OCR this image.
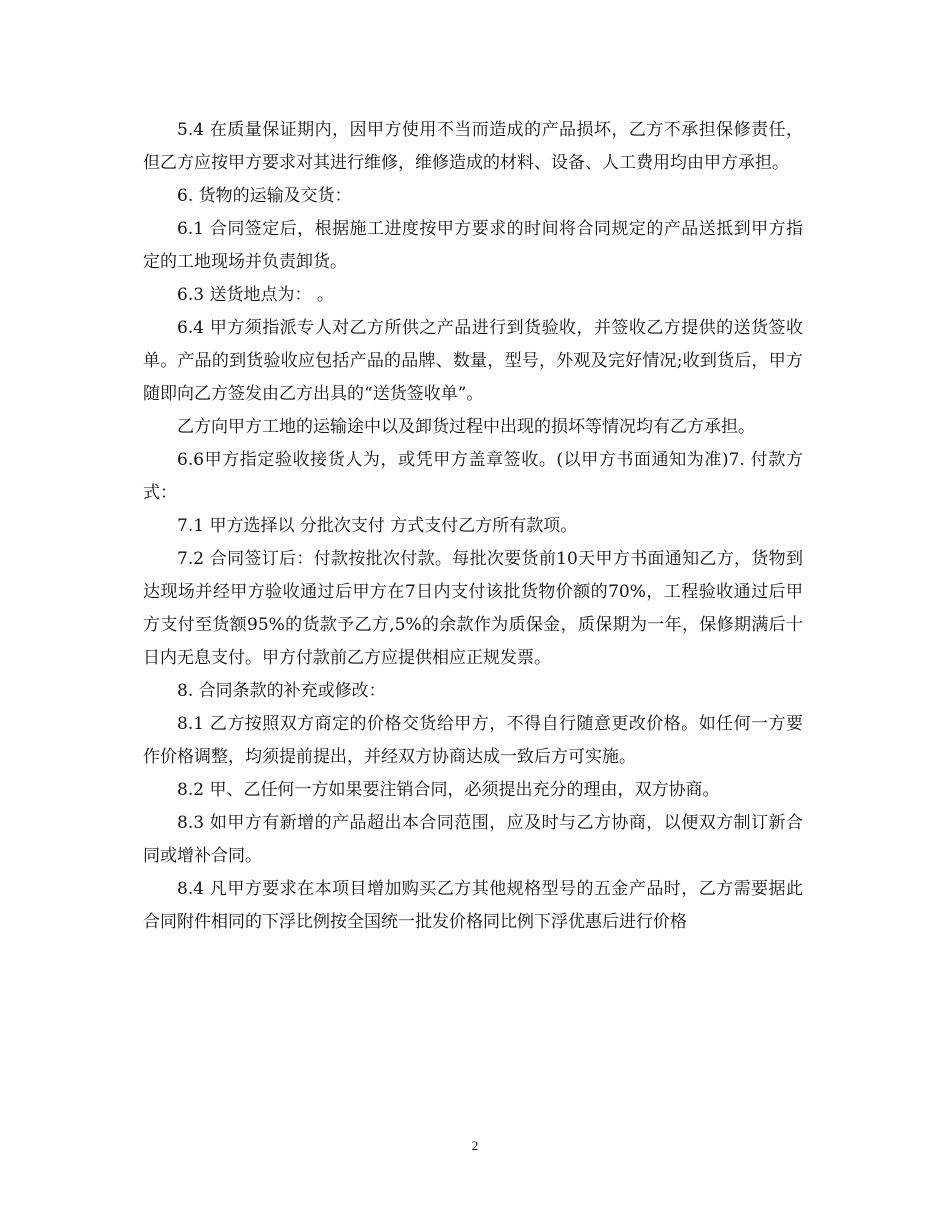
5.4 在质量保证期内，因甲方使用不当而造成的产品损坏，乙方不承担保修责任，但乙方应按甲方要求对其进行维修，维修造成的材料、设备、人工费用均由甲方承担。

6. 货物的运输及交货：

6.1 合同签定后，根据施工进度按甲方要求的时间将合同规定的产品送抵到甲方指定的工地现场并负责卸货。

6.3 送货地点为： 。

6.4 甲方须指派专人对乙方所供之产品进行到货验收，并签收乙方提供的送货签收单。产品的到货验收应包括产品的品牌、数量，型号，外观及完好情况;收到货后，甲方随即向乙方签发由乙方出具的“送货签收单”。

乙方向甲方工地的运输途中以及卸货过程中出现的损坏等情况均有乙方承担。

6.6甲方指定验收接货人为，或凭甲方盖章签收。(以甲方书面通知为准)7. 付款方式：

7.1 甲方选择以 分批次支付 方式支付乙方所有款项。

7.2 合同签订后：付款按批次付款。每批次要货前10天甲方书面通知乙方，货物到达现场并经甲方验收通过后甲方在7日内支付该批货物价额的70%，工程验收通过后甲方支付至货额95%的货款予乙方,5%的余款作为质保金，质保期为一年，保修期满后十日内无息支付。甲方付款前乙方应提供相应正规发票。

8. 合同条款的补充或修改：

8.1 乙方按照双方商定的价格交货给甲方，不得自行随意更改价格。如任何一方要作价格调整，均须提前提出，并经双方协商达成一致后方可实施。

8.2 甲、乙任何一方如果要注销合同，必须提出充分的理由，双方协商。

8.3 如甲方有新增的产品超出本合同范围，应及时与乙方协商，以便双方制订新合同或增补合同。

8.4 凡甲方要求在本项目增加购买乙方其他规格型号的五金产品时，乙方需要据此合同附件相同的下浮比例按全国统一批发价格同比例下浮优惠后进行价格

2
